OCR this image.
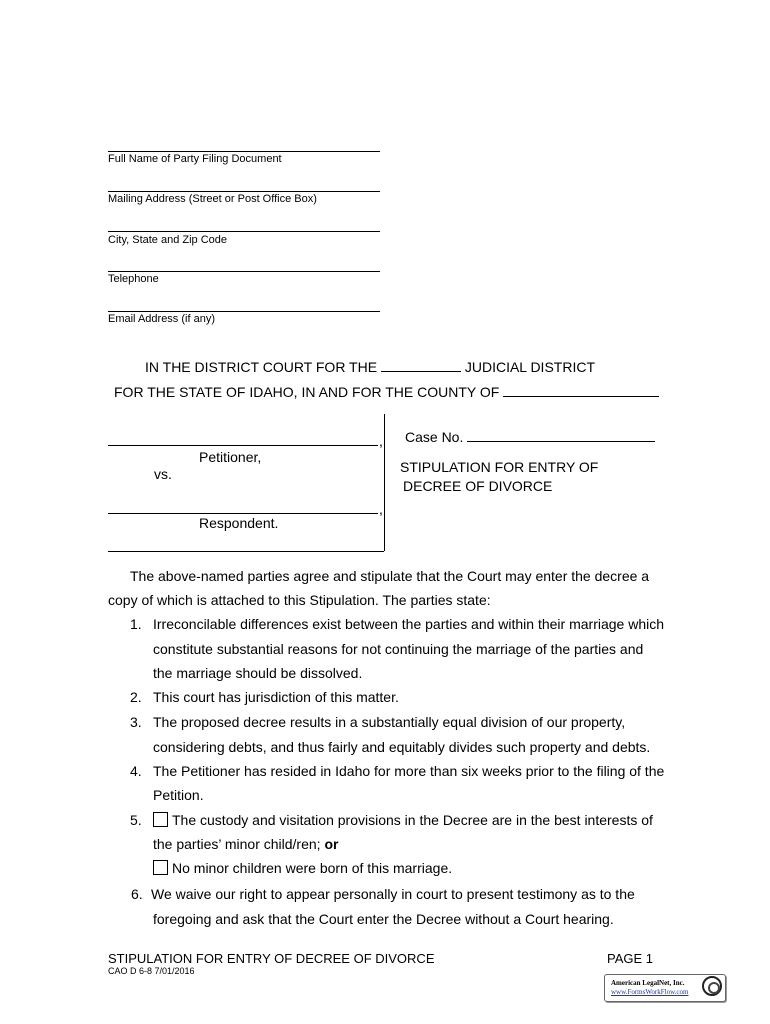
Full Name of Party Filing Document
Mailing Address (Street or Post Office Box)
City, State and Zip Code
Telephone
Email Address (if any)
IN THE DISTRICT COURT FOR THE	JUDICIAL DISTRICT
FOR THE STATE OF IDAHO, IN AND FOR THE COUNTY OF
,
Petitioner,
vs.
,
Respondent.
Case No.
STIPULATION FOR ENTRY OF
DECREE OF DIVORCE
The above-named parties agree and stipulate that the Court may enter the decree a
copy of which is attached to this Stipulation. The parties state:
1. Irreconcilable differences exist between the parties and within their marriage which
constitute substantial reasons for not continuing the marriage of the parties and
the marriage should be dissolved.
2. This court has jurisdiction of this matter.
3. The proposed decree results in a substantially equal division of our property,
considering debts, and thus fairly and equitably divides such property and debts.
4. The Petitioner has resided in Idaho for more than six weeks prior to the filing of the
Petition.
5.	The custody and visitation provisions in the Decree are in the best interests of
the parties’ minor child/ren; or
No minor children were born of this marriage.
6. We waive our right to appear personally in court to present testimony as to the
foregoing and ask that the Court enter the Decree without a Court hearing.
STIPULATION FOR ENTRY OF DECREE OF DIVORCE	PAGE 1
CAO D 6-8 7/01/2016
American LegalNet, Inc.
www.FormsWorkFlow.com
